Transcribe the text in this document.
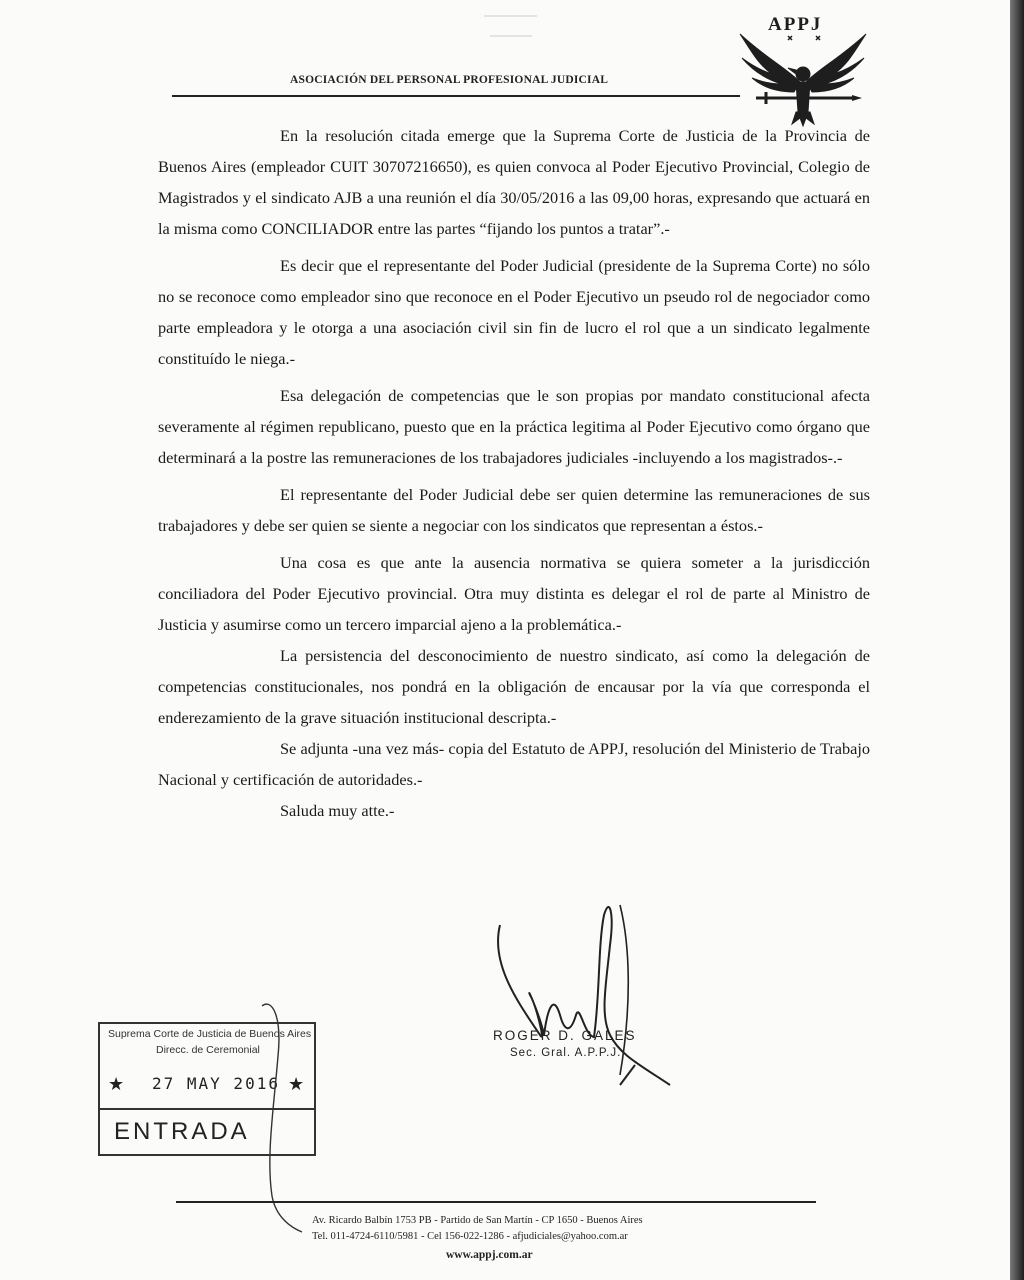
ASOCIACIÓN DEL PERSONAL PROFESIONAL JUDICIAL
APPJ

En la resolución citada emerge que la Suprema Corte de Justicia de la Provincia de Buenos Aires (empleador CUIT 30707216650), es quien convoca al Poder Ejecutivo Provincial, Colegio de Magistrados y el sindicato AJB a una reunión el día 30/05/2016 a las 09,00 horas, expresando que actuará en la misma como CONCILIADOR entre las partes “fijando los puntos a tratar”.-

Es decir que el representante del Poder Judicial (presidente de la Suprema Corte) no sólo no se reconoce como empleador sino que reconoce en el Poder Ejecutivo un pseudo rol de negociador como parte empleadora y le otorga a una asociación civil sin fin de lucro el rol que a un sindicato legalmente constituído le niega.-

Esa delegación de competencias que le son propias por mandato constitucional afecta severamente al régimen republicano, puesto que en la práctica legitima al Poder Ejecutivo como órgano que determinará a la postre las remuneraciones de los trabajadores judiciales -incluyendo a los magistrados-.-

El representante del Poder Judicial debe ser quien determine las remuneraciones de sus trabajadores y debe ser quien se siente a negociar con los sindicatos que representan a éstos.-

Una cosa es que ante la ausencia normativa se quiera someter a la jurisdicción conciliadora del Poder Ejecutivo provincial. Otra muy distinta es delegar el rol de parte al Ministro de Justicia y asumirse como un tercero imparcial ajeno a la problemática.-

La persistencia del desconocimiento de nuestro sindicato, así como la delegación de competencias constitucionales, nos pondrá en la obligación de encausar por la vía que corresponda el enderezamiento de la grave situación institucional descripta.-

Se adjunta -una vez más- copia del Estatuto de APPJ, resolución del Ministerio de Trabajo Nacional y certificación de autoridades.-

Saluda muy atte.-

ROGER D. GALES
Sec. Gral. A.P.P.J.
Suprema Corte de Justicia de Buenos Aires
Direcc. de Ceremonial
★ 27 MAY 2016 ★
ENTRADA
Av. Ricardo Balbín 1753 PB - Partido de San Martín - CP 1650 - Buenos Aires
Tel. 011-4724-6110/5981 - Cel 156-022-1286 - afjudiciales@yahoo.com.ar
www.appj.com.ar
